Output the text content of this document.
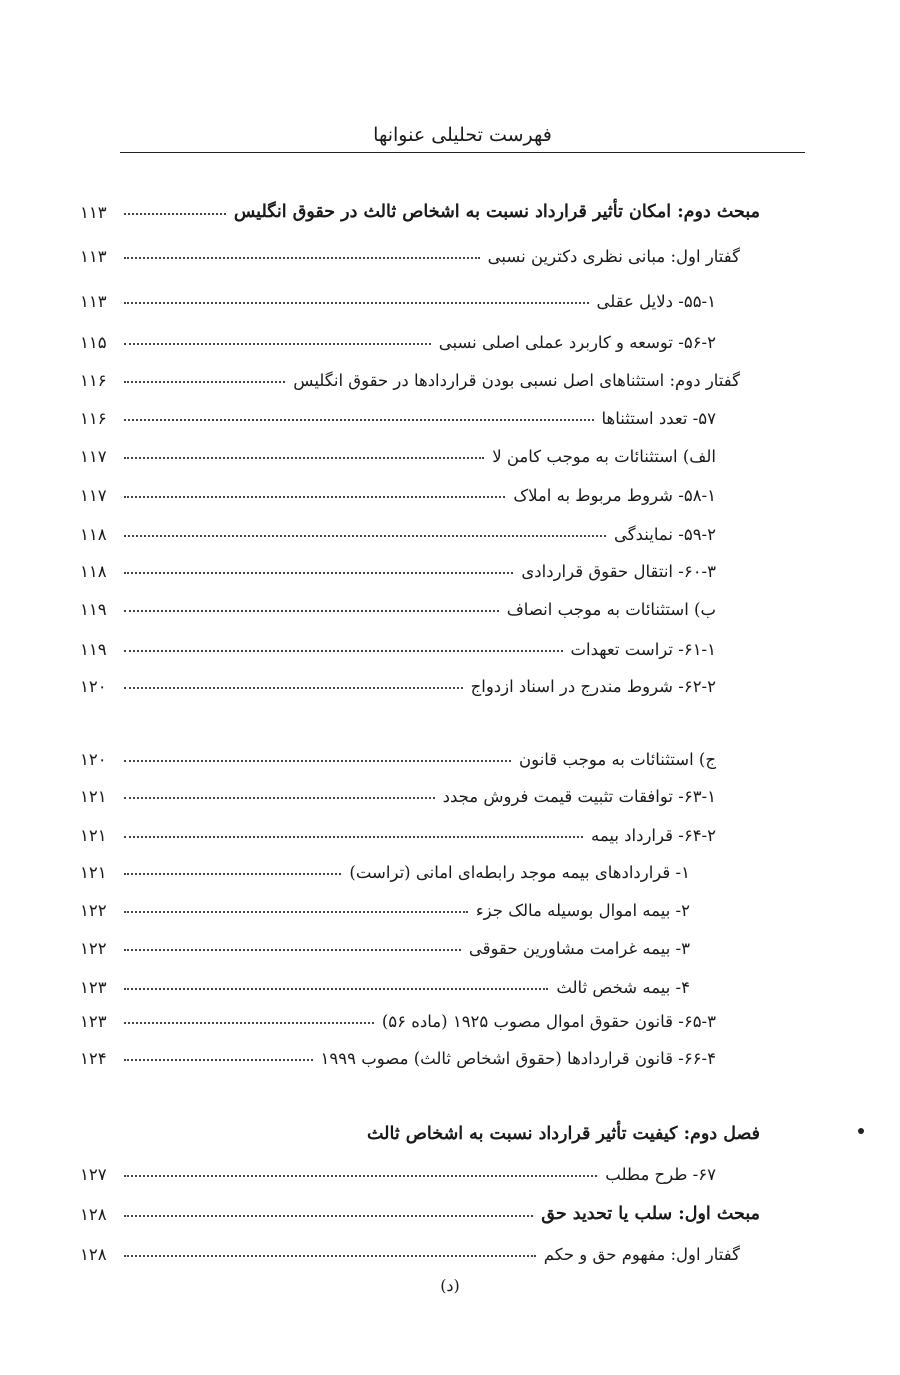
فهرست تحلیلی عنوانها
مبحث دوم: امکان تأثیر قرارداد نسبت به اشخاص ثالث در حقوق انگلیس
۱۱۳
گفتار اول: مبانی نظری دکترین نسبی
۱۱۳
۵۵-۱- دلایل عقلی
۱۱۳
۵۶-۲- توسعه و کاربرد عملی اصلی نسبی
۱۱۵
گفتار دوم: استثناهای اصل نسبی بودن قراردادها در حقوق انگلیس
۱۱۶
۵۷- تعدد استثناها
۱۱۶
الف) استثنائات به موجب کامن لا
۱۱۷
۵۸-۱- شروط مربوط به املاک
۱۱۷
۵۹-۲- نمایندگی
۱۱۸
۶۰-۳- انتقال حقوق قراردادی
۱۱۸
ب) استثنائات به موجب انصاف
۱۱۹
۶۱-۱- تراست تعهدات
۱۱۹
۶۲-۲- شروط مندرج در اسناد ازدواج
۱۲۰
ج) استثنائات به موجب قانون
۱۲۰
۶۳-۱- توافقات تثبیت قیمت فروش مجدد
۱۲۱
۶۴-۲- قرارداد بیمه
۱۲۱
۱- قراردادهای بیمه موجد رابطه‌ای امانی (تراست)
۱۲۱
۲- بیمه اموال بوسیله مالک جزء
۱۲۲
۳- بیمه غرامت مشاورین حقوقی
۱۲۲
۴- بیمه شخص ثالث
۱۲۳
۶۵-۳- قانون حقوق اموال مصوب ۱۹۲۵ (ماده ۵۶)
۱۲۳
۶۶-۴- قانون قراردادها (حقوق اشخاص ثالث) مصوب ۱۹۹۹
۱۲۴
فصل دوم: کیفیت تأثیر قرارداد نسبت به اشخاص ثالث
۶۷- طرح مطلب
۱۲۷
مبحث اول: سلب یا تحدید حق
۱۲۸
گفتار اول: مفهوم حق و حکم
۱۲۸
(د)
